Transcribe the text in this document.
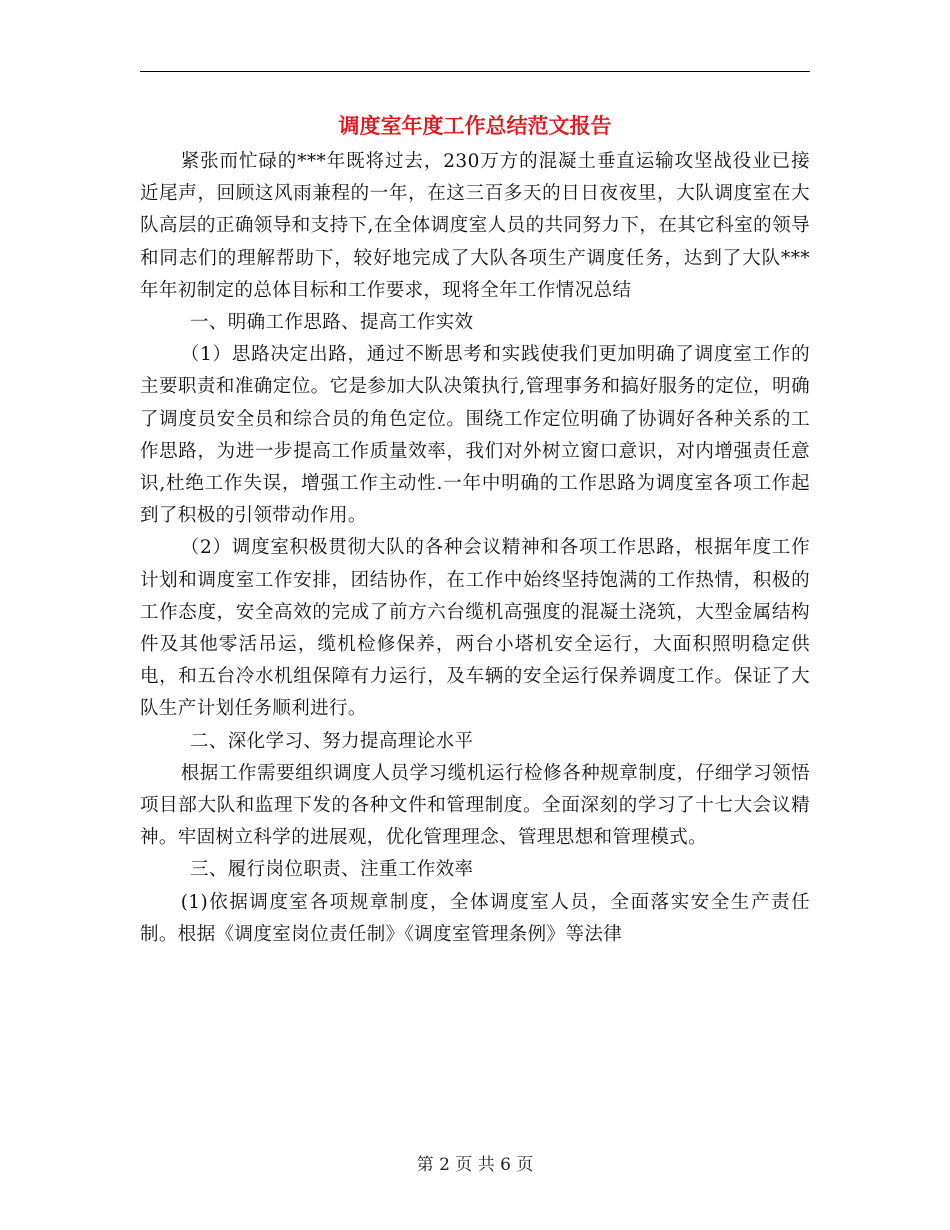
调度室年度工作总结范文报告

紧张而忙碌的***年既将过去，230万方的混凝土垂直运输攻坚战役业已接近尾声，回顾这风雨兼程的一年，在这三百多天的日日夜夜里，大队调度室在大队高层的正确领导和支持下,在全体调度室人员的共同努力下，在其它科室的领导和同志们的理解帮助下，较好地完成了大队各项生产调度任务，达到了大队***年年初制定的总体目标和工作要求，现将全年工作情况总结

一、明确工作思路、提高工作实效

（1）思路决定出路，通过不断思考和实践使我们更加明确了调度室工作的主要职责和准确定位。它是参加大队决策执行,管理事务和搞好服务的定位，明确了调度员安全员和综合员的角色定位。围绕工作定位明确了协调好各种关系的工作思路，为进一步提高工作质量效率，我们对外树立窗口意识，对内增强责任意识,杜绝工作失误，增强工作主动性.一年中明确的工作思路为调度室各项工作起到了积极的引领带动作用。

（2）调度室积极贯彻大队的各种会议精神和各项工作思路，根据年度工作计划和调度室工作安排，团结协作，在工作中始终坚持饱满的工作热情，积极的工作态度，安全高效的完成了前方六台缆机高强度的混凝土浇筑，大型金属结构件及其他零活吊运，缆机检修保养，两台小塔机安全运行，大面积照明稳定供电，和五台冷水机组保障有力运行，及车辆的安全运行保养调度工作。保证了大队生产计划任务顺利进行。

二、深化学习、努力提高理论水平

根据工作需要组织调度人员学习缆机运行检修各种规章制度，仔细学习领悟项目部大队和监理下发的各种文件和管理制度。全面深刻的学习了十七大会议精神。牢固树立科学的进展观，优化管理理念、管理思想和管理模式。

三、履行岗位职责、注重工作效率

(1)依据调度室各项规章制度，全体调度室人员，全面落实安全生产责任制。根据《调度室岗位责任制》《调度室管理条例》等法律

第 2 页 共 6 页
